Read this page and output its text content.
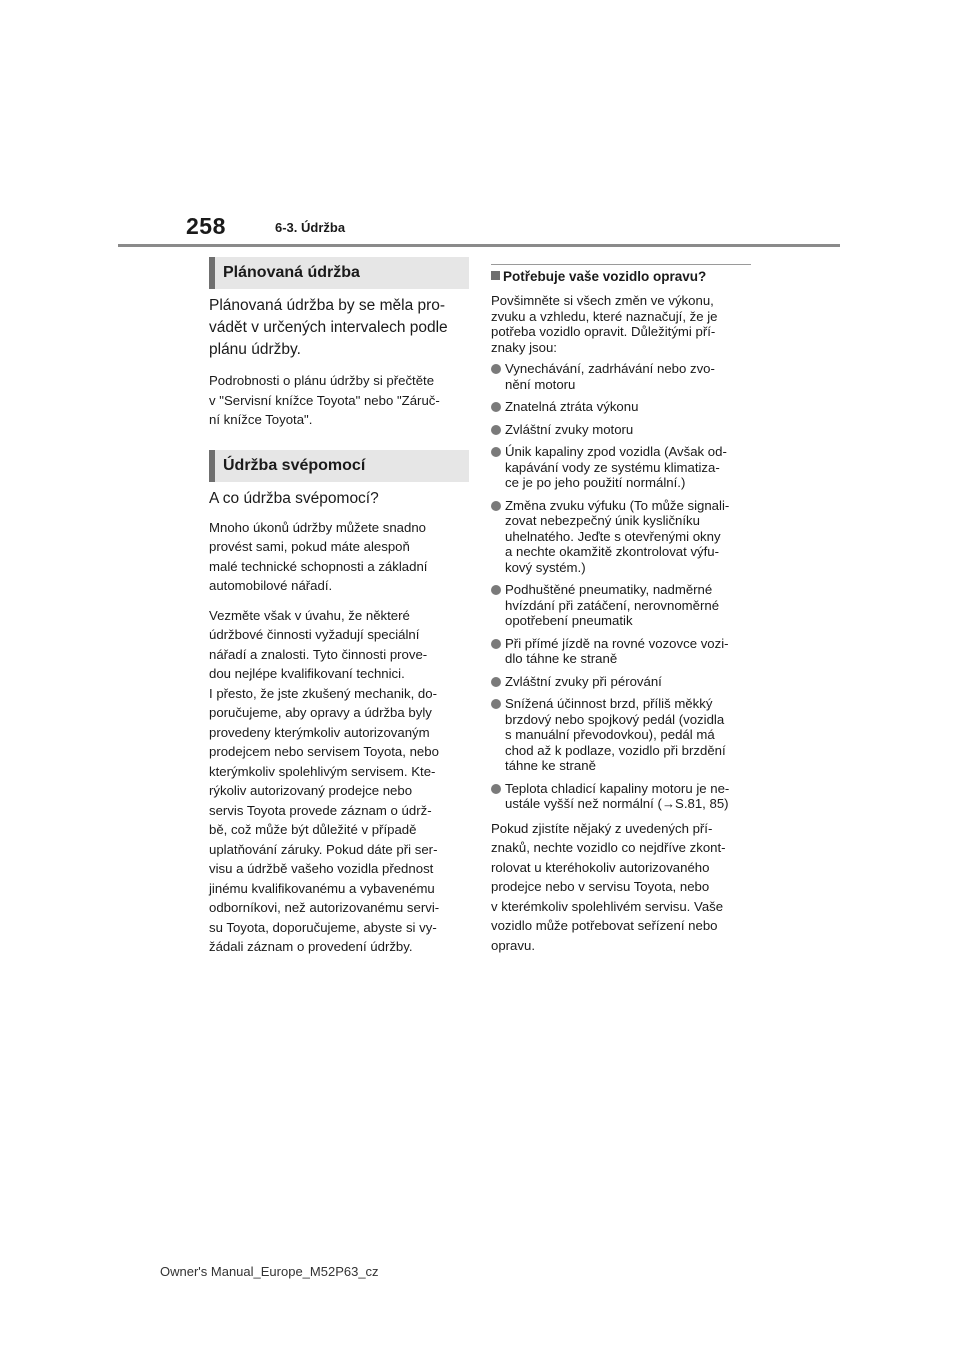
258	6-3. Údržba
Plánovaná údržba
Plánovaná údržba by se měla pro-
vádět v určených intervalech podle
plánu údržby.
Podrobnosti o plánu údržby si přečtěte
v "Servisní knížce Toyota" nebo "Záruč-
ní knížce Toyota".
Údržba svépomocí
A co údržba svépomocí?
Mnoho úkonů údržby můžete snadno
provést sami, pokud máte alespoň
malé technické schopnosti a základní
automobilové nářadí.
Vezměte však v úvahu, že některé
údržbové činnosti vyžadují speciální
nářadí a znalosti. Tyto činnosti prove-
dou nejlépe kvalifikovaní technici.
I přesto, že jste zkušený mechanik, do-
poručujeme, aby opravy a údržba byly
provedeny kterýmkoliv autorizovaným
prodejcem nebo servisem Toyota, nebo
kterýmkoliv spolehlivým servisem. Kte-
rýkoliv autorizovaný prodejce nebo
servis Toyota provede záznam o údrž-
bě, což může být důležité v případě
uplatňování záruky. Pokud dáte při ser-
visu a údržbě vašeho vozidla přednost
jinému kvalifikovanému a vybavenému
odborníkovi, než autorizovanému servi-
su Toyota, doporučujeme, abyste si vy-
žádali záznam o provedení údržby.
Potřebuje vaše vozidlo opravu?
Povšimněte si všech změn ve výkonu,
zvuku a vzhledu, které naznačují, že je
potřeba vozidlo opravit. Důležitými pří-
znaky jsou:
Vynechávání, zadrhávání nebo zvo-
nění motoru
Znatelná ztráta výkonu
Zvláštní zvuky motoru
Únik kapaliny zpod vozidla (Avšak od-
kapávání vody ze systému klimatiza-
ce je po jeho použití normální.)
Změna zvuku výfuku (To může signali-
zovat nebezpečný únik kysličníku
uhelnatého. Jeďte s otevřenými okny
a nechte okamžitě zkontrolovat výfu-
kový systém.)
Podhuštěné pneumatiky, nadměrné
hvízdání při zatáčení, nerovnoměrné
opotřebení pneumatik
Při přímé jízdě na rovné vozovce vozi-
dlo táhne ke straně
Zvláštní zvuky při pérování
Snížená účinnost brzd, příliš měkký
brzdový nebo spojkový pedál (vozidla
s manuální převodovkou), pedál má
chod až k podlaze, vozidlo při brzdění
táhne ke straně
Teplota chladicí kapaliny motoru je ne-
ustále vyšší než normální (→S.81, 85)
Pokud zjistíte nějaký z uvedených pří-
znaků, nechte vozidlo co nejdříve zkont-
rolovat u kteréhokoliv autorizovaného
prodejce nebo v servisu Toyota, nebo
v kterémkoliv spolehlivém servisu. Vaše
vozidlo může potřebovat seřízení nebo
opravu.
Owner's Manual_Europe_M52P63_cz
